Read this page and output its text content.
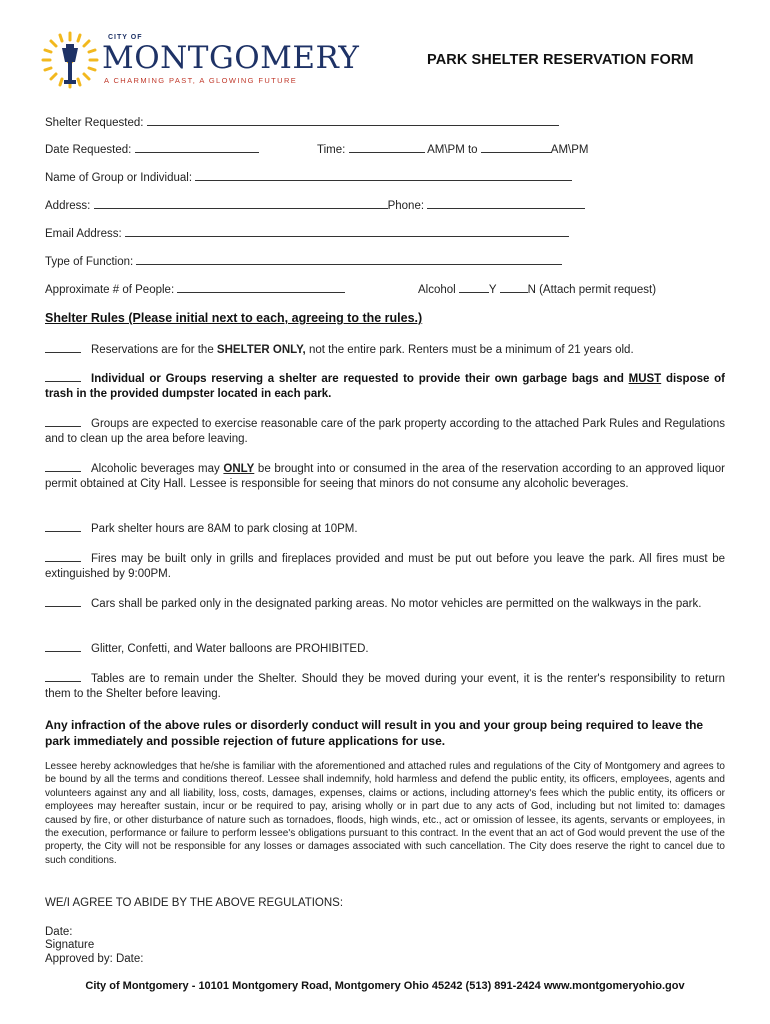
CITY OF
MONTGOMERY
A CHARMING PAST, A GLOWING FUTURE
PARK SHELTER RESERVATION FORM
Shelter Requested:
Date Requested:	Time:	AM\PM to	AM\PM
Name of Group or Individual:
Address:	Phone:
Email Address:
Type of Function:
Approximate # of People:	Alcohol	Y	N (Attach permit request)
Shelter Rules (Please initial next to each, agreeing to the rules.)
Reservations are for the SHELTER ONLY, not the entire park. Renters must be a minimum of 21 years old.
Individual or Groups reserving a shelter are requested to provide their own garbage bags and MUST dispose of trash in the provided dumpster located in each park.
Groups are expected to exercise reasonable care of the park property according to the attached Park Rules and Regulations and to clean up the area before leaving.
Alcoholic beverages may ONLY be brought into or consumed in the area of the reservation according to an approved liquor permit obtained at City Hall. Lessee is responsible for seeing that minors do not consume any alcoholic beverages.
Park shelter hours are 8AM to park closing at 10PM.
Fires may be built only in grills and fireplaces provided and must be put out before you leave the park. All fires must be extinguished by 9:00PM.
Cars shall be parked only in the designated parking areas. No motor vehicles are permitted on the walkways in the park.
Glitter, Confetti, and Water balloons are PROHIBITED.
Tables are to remain under the Shelter. Should they be moved during your event, it is the renter's responsibility to return them to the Shelter before leaving.
Any infraction of the above rules or disorderly conduct will result in you and your group being required to leave the park immediately and possible rejection of future applications for use.
Lessee hereby acknowledges that he/she is familiar with the aforementioned and attached rules and regulations of the City of Montgomery and agrees to be bound by all the terms and conditions thereof. Lessee shall indemnify, hold harmless and defend the public entity, its officers, employees, agents and volunteers against any and all liability, loss, costs, damages, expenses, claims or actions, including attorney's fees which the public entity, its officers or employees may hereafter sustain, incur or be required to pay, arising wholly or in part due to any acts of God, including but not limited to: damages caused by fire, or other disturbance of nature such as tornadoes, floods, high winds, etc., act or omission of lessee, its agents, servants or employees, in the execution, performance or failure to perform lessee's obligations pursuant to this contract. In the event that an act of God would prevent the use of the property, the City will not be responsible for any losses or damages associated with such cancellation. The City does reserve the right to cancel due to such conditions.
WE/I AGREE TO ABIDE BY THE ABOVE REGULATIONS:
Date:
Signature
Approved by: Date:
City of Montgomery - 10101 Montgomery Road, Montgomery Ohio 45242 (513) 891-2424 www.montgomeryohio.gov
